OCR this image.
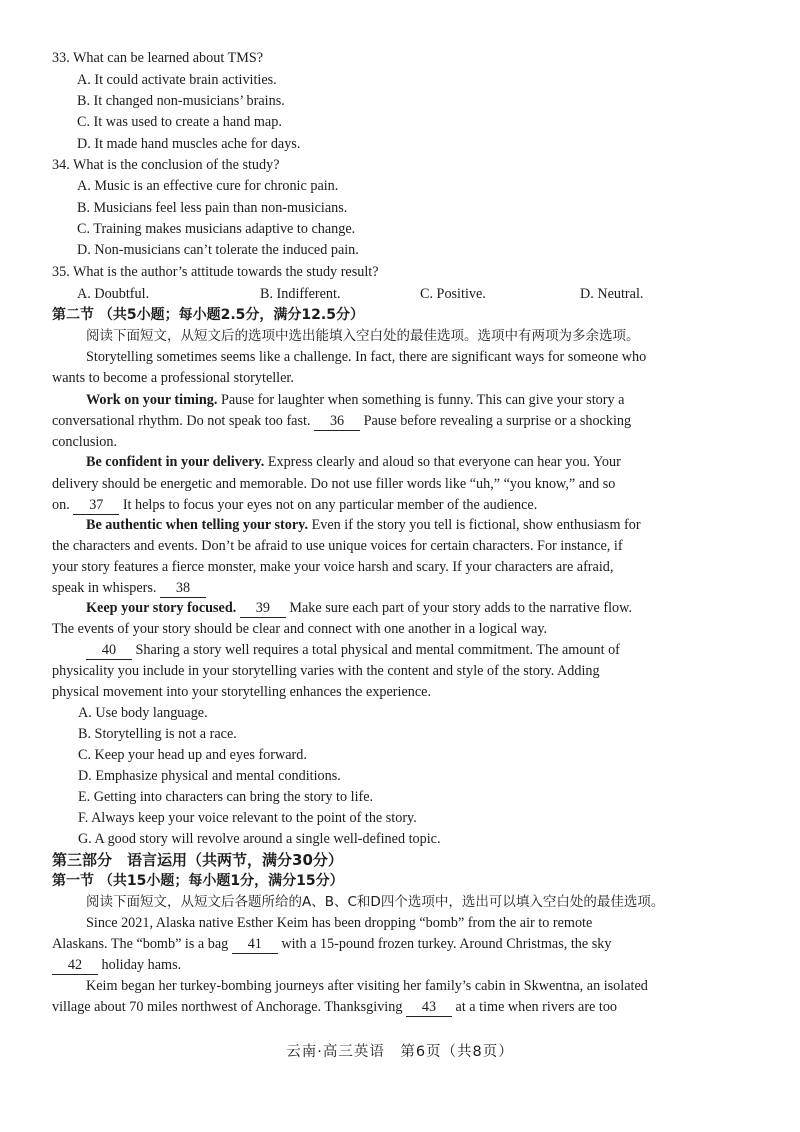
33. What can be learned about TMS?
A. It could activate brain activities.
B. It changed non-musicians’ brains.
C. It was used to create a hand map.
D. It made hand muscles ache for days.
34. What is the conclusion of the study?
A. Music is an effective cure for chronic pain.
B. Musicians feel less pain than non-musicians.
C. Training makes musicians adaptive to change.
D. Non-musicians can’t tolerate the induced pain.
35. What is the author’s attitude towards the study result?
A. Doubtful.	B. Indifferent.	C. Positive.	D. Neutral.
第二节 （共5小题；每小题2.5分，满分12.5分）
阅读下面短文，从短文后的选项中选出能填入空白处的最佳选项。选项中有两项为多余选项。
Storytelling sometimes seems like a challenge. In fact, there are significant ways for someone who
wants to become a professional storyteller.
Work on your timing. Pause for laughter when something is funny. This can give your story a
conversational rhythm. Do not speak too fast. 36 Pause before revealing a surprise or a shocking
conclusion.
Be confident in your delivery. Express clearly and aloud so that everyone can hear you. Your
delivery should be energetic and memorable. Do not use filler words like “uh,” “you know,” and so
on. 37 It helps to focus your eyes not on any particular member of the audience.
Be authentic when telling your story. Even if the story you tell is fictional, show enthusiasm for
the characters and events. Don’t be afraid to use unique voices for certain characters. For instance, if
your story features a fierce monster, make your voice harsh and scary. If your characters are afraid,
speak in whispers. 38
Keep your story focused. 39 Make sure each part of your story adds to the narrative flow.
The events of your story should be clear and connect with one another in a logical way.
40 Sharing a story well requires a total physical and mental commitment. The amount of
physicality you include in your storytelling varies with the content and style of the story. Adding
physical movement into your storytelling enhances the experience.
A. Use body language.
B. Storytelling is not a race.
C. Keep your head up and eyes forward.
D. Emphasize physical and mental conditions.
E. Getting into characters can bring the story to life.
F. Always keep your voice relevant to the point of the story.
G. A good story will revolve around a single well-defined topic.
第三部分　语言运用（共两节，满分30分）
第一节 （共15小题；每小题1分，满分15分）
阅读下面短文，从短文后各题所给的A、B、C和D四个选项中，选出可以填入空白处的最佳选项。
Since 2021, Alaska native Esther Keim has been dropping “bomb” from the air to remote
Alaskans. The “bomb” is a bag 41 with a 15-pound frozen turkey. Around Christmas, the sky
42 holiday hams.
Keim began her turkey-bombing journeys after visiting her family’s cabin in Skwentna, an isolated
village about 70 miles northwest of Anchorage. Thanksgiving 43 at a time when rivers are too
云南·高三英语　第6页（共8页）
